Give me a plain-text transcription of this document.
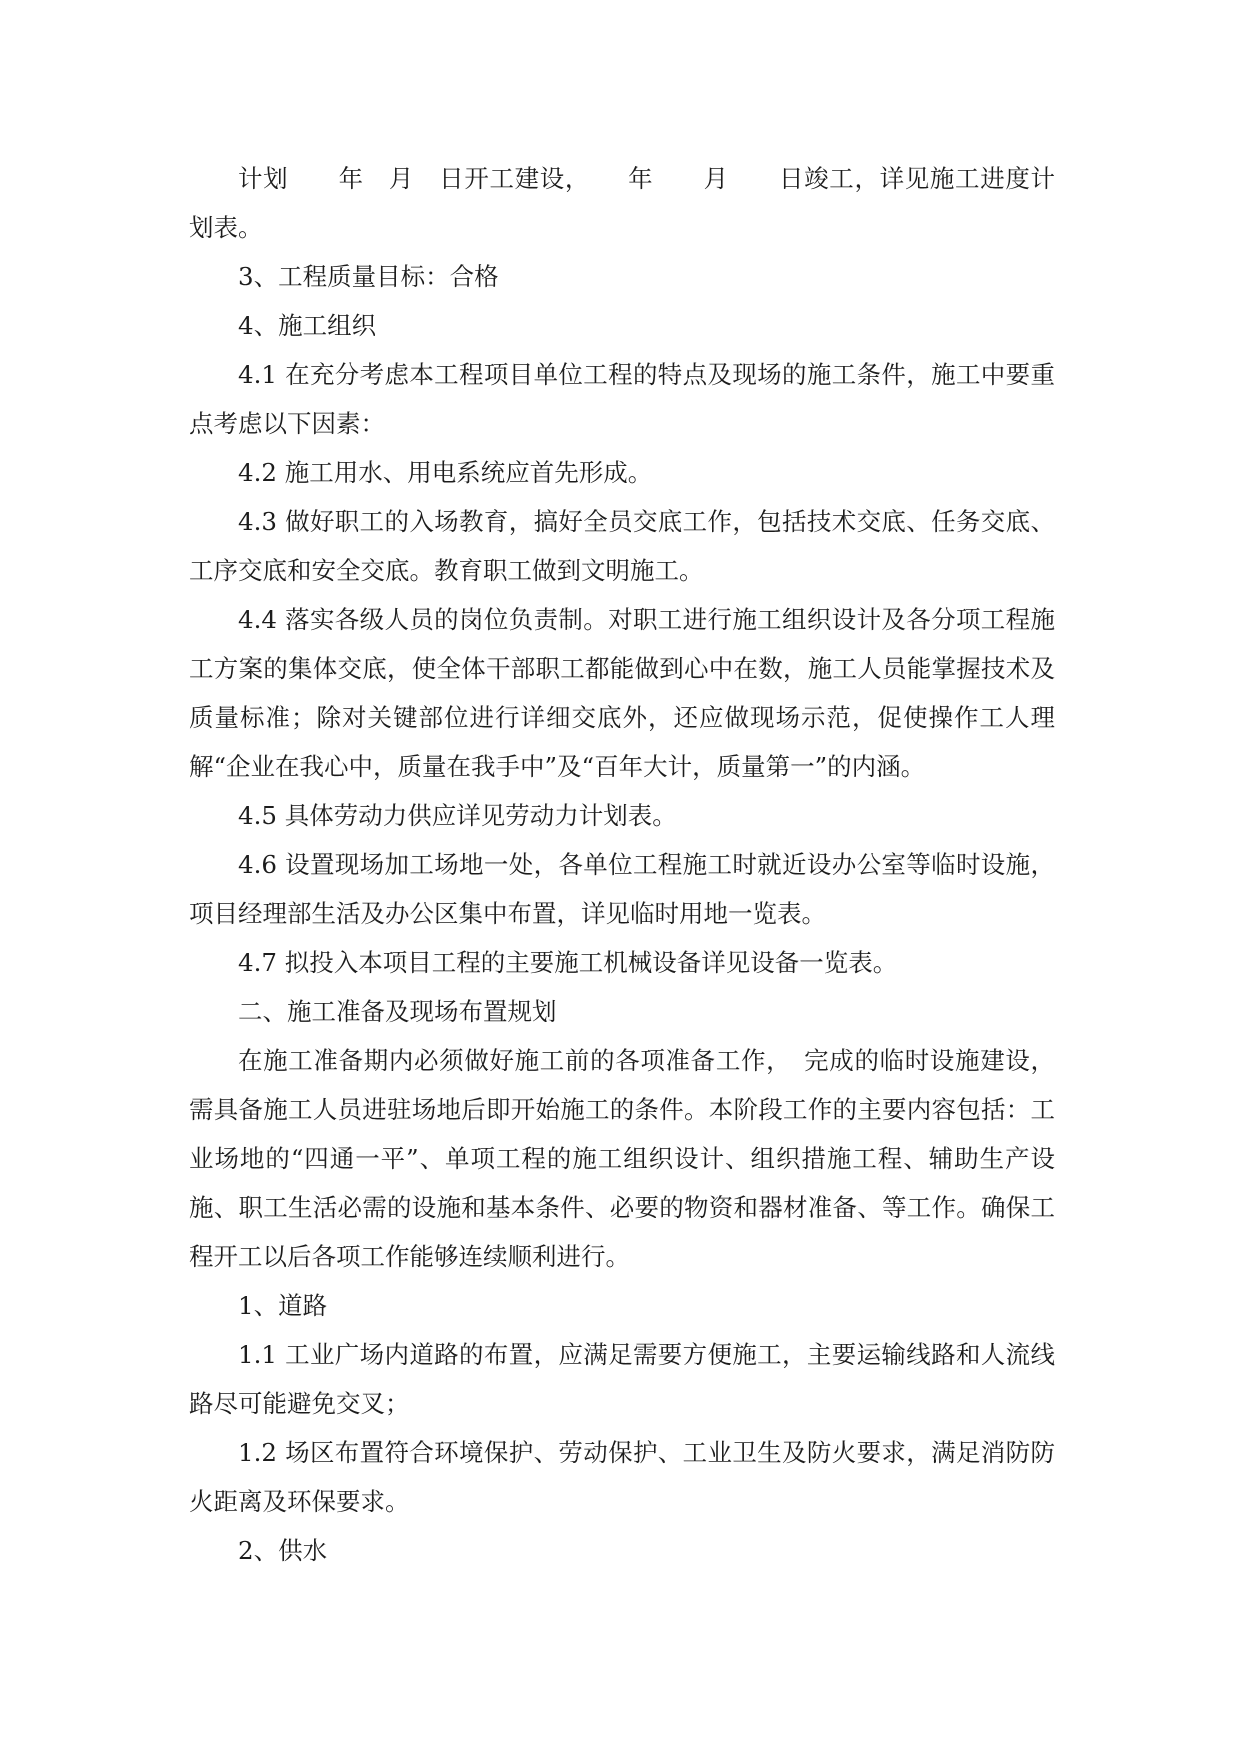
计划　　年　月　日开工建设，　　年　　月　　日竣工，详见施工进度计划表。

3、工程质量目标：合格

4、施工组织

4.1 在充分考虑本工程项目单位工程的特点及现场的施工条件，施工中要重点考虑以下因素：

4.2 施工用水、用电系统应首先形成。

4.3 做好职工的入场教育，搞好全员交底工作，包括技术交底、任务交底、工序交底和安全交底。教育职工做到文明施工。

4.4 落实各级人员的岗位负责制。对职工进行施工组织设计及各分项工程施工方案的集体交底，使全体干部职工都能做到心中在数，施工人员能掌握技术及质量标准；除对关键部位进行详细交底外，还应做现场示范，促使操作工人理解“企业在我心中，质量在我手中”及“百年大计，质量第一”的内涵。

4.5 具体劳动力供应详见劳动力计划表。

4.6 设置现场加工场地一处，各单位工程施工时就近设办公室等临时设施，项目经理部生活及办公区集中布置，详见临时用地一览表。

4.7 拟投入本项目工程的主要施工机械设备详见设备一览表。

二、施工准备及现场布置规划

在施工准备期内必须做好施工前的各项准备工作，　完成的临时设施建设，需具备施工人员进驻场地后即开始施工的条件。本阶段工作的主要内容包括：工业场地的“四通一平”、单项工程的施工组织设计、组织措施工程、辅助生产设施、职工生活必需的设施和基本条件、必要的物资和器材准备、等工作。确保工程开工以后各项工作能够连续顺利进行。

1、道路

1.1 工业广场内道路的布置，应满足需要方便施工，主要运输线路和人流线路尽可能避免交叉；

1.2 场区布置符合环境保护、劳动保护、工业卫生及防火要求，满足消防防火距离及环保要求。

2、供水
